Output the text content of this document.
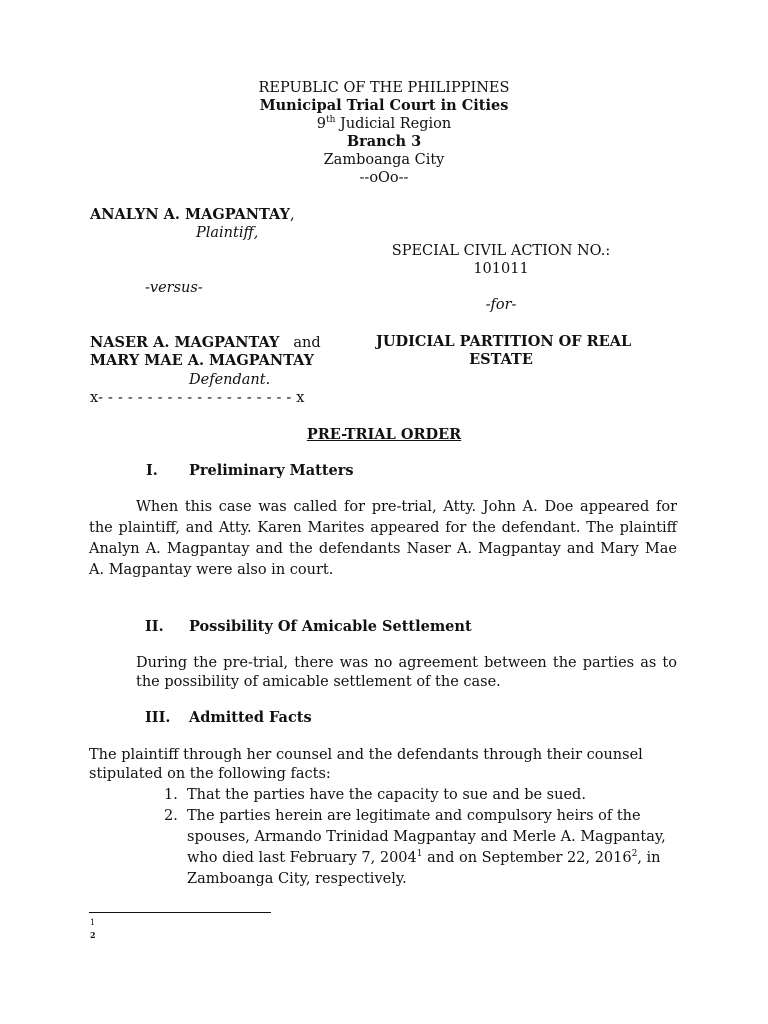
REPUBLIC OF THE PHILIPPINES
Municipal Trial Court in Cities
9th Judicial Region
Branch 3
Zamboanga City
--oOo--
ANALYN A. MAGPANTAY,
Plaintiff,
-versus-
NASER A. MAGPANTAY and
MARY MAE A. MAGPANTAY
Defendant.
x- - - - - - - - - - - - - - - - - - - - x
SPECIAL CIVIL ACTION NO.:
101011
-for-
JUDICIAL PARTITION OF REAL
ESTATE
PRE-TRIAL ORDER
I. Preliminary Matters
When this case was called for pre-trial, Atty. John A. Doe appeared for
the plaintiff, and Atty. Karen Marites appeared for the defendant. The plaintiff
Analyn A. Magpantay and the defendants Naser A. Magpantay and Mary Mae
A. Magpantay were also in court.
II. Possibility Of Amicable Settlement
During the pre-trial, there was no agreement between the parties as to
the possibility of amicable settlement of the case.
III. Admitted Facts
The plaintiff through her counsel and the defendants through their counsel
stipulated on the following facts:
1. That the parties have the capacity to sue and be sued.
2. The parties herein are legitimate and compulsory heirs of the
spouses, Armando Trinidad Magpantay and Merle A. Magpantay,
who died last February 7, 2004$^1$ and on September 22, 2016$^2$, in
Zamboanga City, respectively.
1
2
